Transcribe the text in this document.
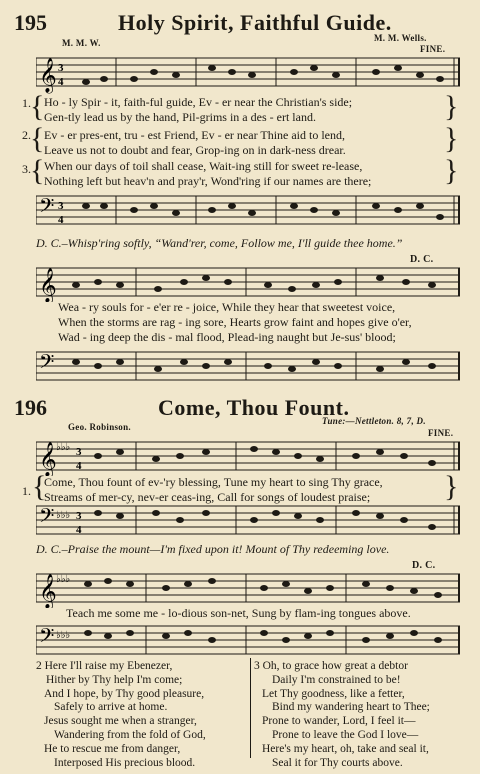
195	Holy Spirit, Faithful Guide.
M. M. W.	M. M. Wells.
FINE.
𝄞 3
4
1.
2.
3.
{
{
{
}
}
}
Ho - ly Spir - it, faith-ful guide, Ev - er near the Christian's side;
Gen-tly lead us by the hand, Pil-grims in a des - ert land.
Ev - er pres-ent, tru - est Friend, Ev - er near Thine aid to lend,
Leave us not to doubt and fear, Grop-ing on in dark-ness drear.
When our days of toil shall cease, Wait-ing still for sweet re-lease,
Nothing left but heav'n and pray'r, Wond'ring if our names are there;
𝄢 3
4
D. C.–Whisp'ring softly, “Wand'rer, come, Follow me, I'll guide thee home.”
D. C.
𝄞
Wea - ry souls for - e'er re - joice, While they hear that sweetest voice,
When the storms are rag - ing sore, Hearts grow faint and hopes give o'er,
Wad - ing deep the dis - mal flood, Plead-ing naught but Je-sus' blood;
𝄢
196	Come, Thou Fount.
Geo. Robinson.
Tune:—Nettleton. 8, 7, D.
FINE.
𝄞 ♭♭♭ 3
4
1. {	}
Come, Thou fount of ev-'ry blessing, Tune my heart to sing Thy grace,
Streams of mer-cy, nev-er ceas-ing, Call for songs of loudest praise;
𝄢 ♭♭♭ 3
4
D. C.–Praise the mount—I'm fixed upon it! Mount of Thy redeeming love.
D. C.
𝄞 ♭♭♭
Teach me some me - lo-dious son-net, Sung by flam-ing tongues above.
𝄢 ♭♭♭
2 Here I'll raise my Ebenezer,
Hither by Thy help I'm come;
And I hope, by Thy good pleasure,
Safely to arrive at home.
Jesus sought me when a stranger,
Wandering from the fold of God,
He to rescue me from danger,
Interposed His precious blood.
3 Oh, to grace how great a debtor
Daily I'm constrained to be!
Let Thy goodness, like a fetter,
Bind my wandering heart to Thee;
Prone to wander, Lord, I feel it—
Prone to leave the God I love—
Here's my heart, oh, take and seal it,
Seal it for Thy courts above.
